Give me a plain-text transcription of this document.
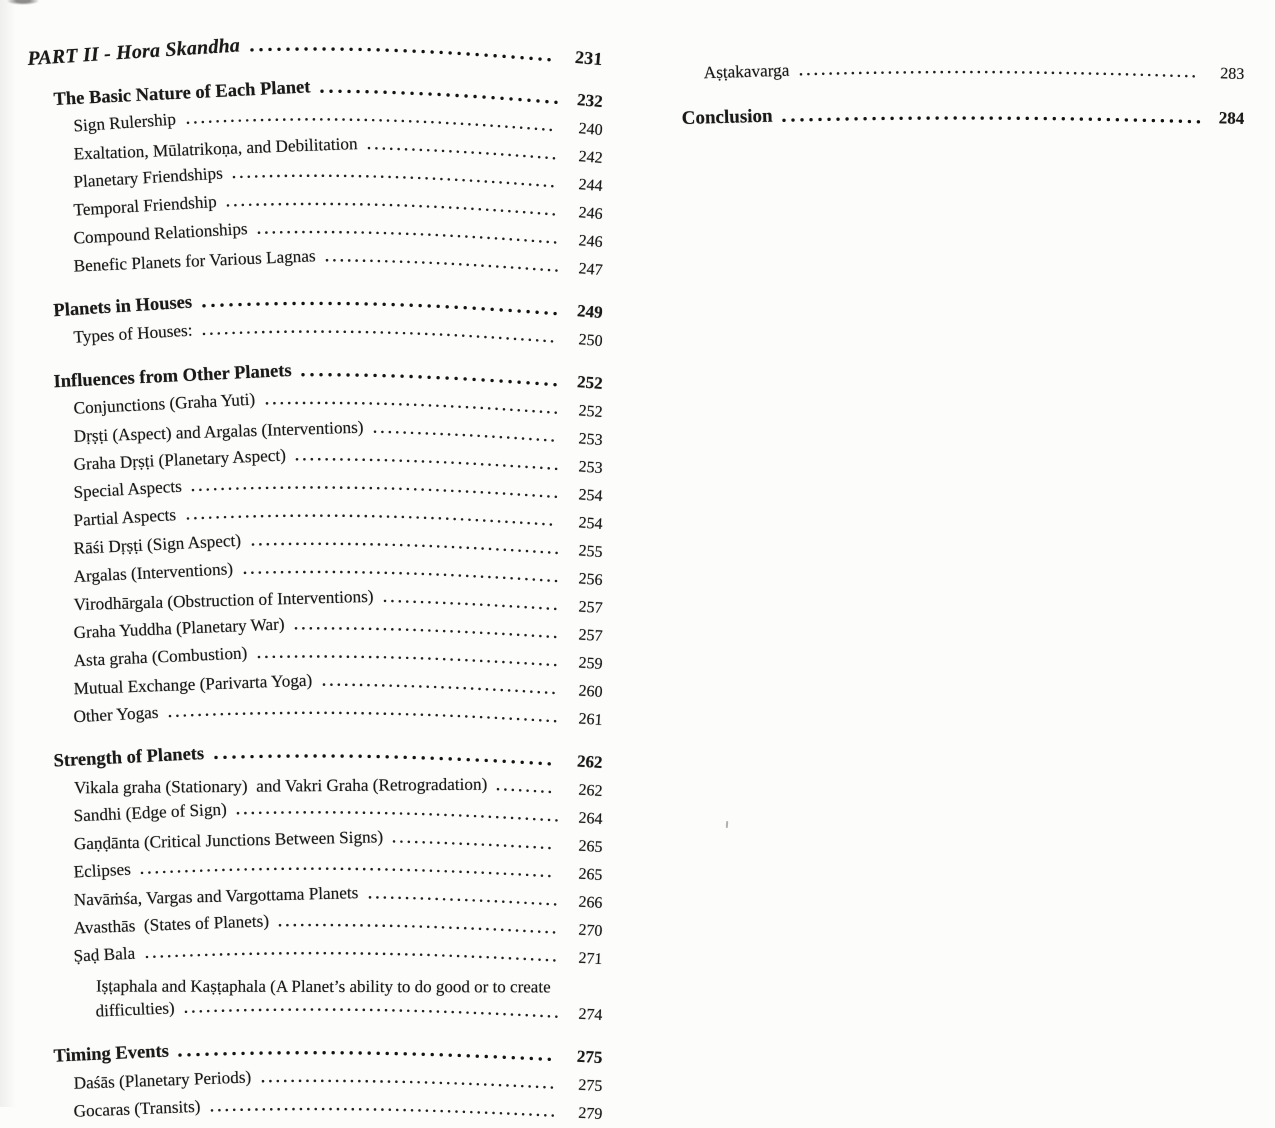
PART II - Hora Skandha	231
The Basic Nature of Each Planet	232
Sign Rulership	240
Exaltation, Mūlatrikoṇa, and Debilitation	242
Planetary Friendships	244
Temporal Friendship	246
Compound Relationships	246
Benefic Planets for Various Lagnas	247
Planets in Houses	249
Types of Houses:	250
Influences from Other Planets	252
Conjunctions (Graha Yuti)	252
Dṛṣṭi (Aspect) and Argalas (Interventions)	253
Graha Dṛṣṭi (Planetary Aspect)	253
Special Aspects	254
Partial Aspects	254
Rāśi Dṛṣṭi (Sign Aspect)	255
Argalas (Interventions)	256
Virodhārgala (Obstruction of Interventions)	257
Graha Yuddha (Planetary War)	257
Asta graha (Combustion)	259
Mutual Exchange (Parivarta Yoga)	260
Other Yogas	261
Strength of Planets	262
Vikala graha (Stationary)  and Vakri Graha (Retrogradation)	262
Sandhi (Edge of Sign)	264
Gaṇḍānta (Critical Junctions Between Signs)	265
Eclipses	265
Navāṁśa, Vargas and Vargottama Planets	266
Avasthās  (States of Planets)	270
Ṣaḍ Bala	271
Iṣṭaphala and Kaṣṭaphala (A Planet’s ability to do good or to create
difficulties)	274
Timing Events	275
Daśās (Planetary Periods)	275
Gocaras (Transits)	279
Aṣṭakavarga	283
Conclusion	284
